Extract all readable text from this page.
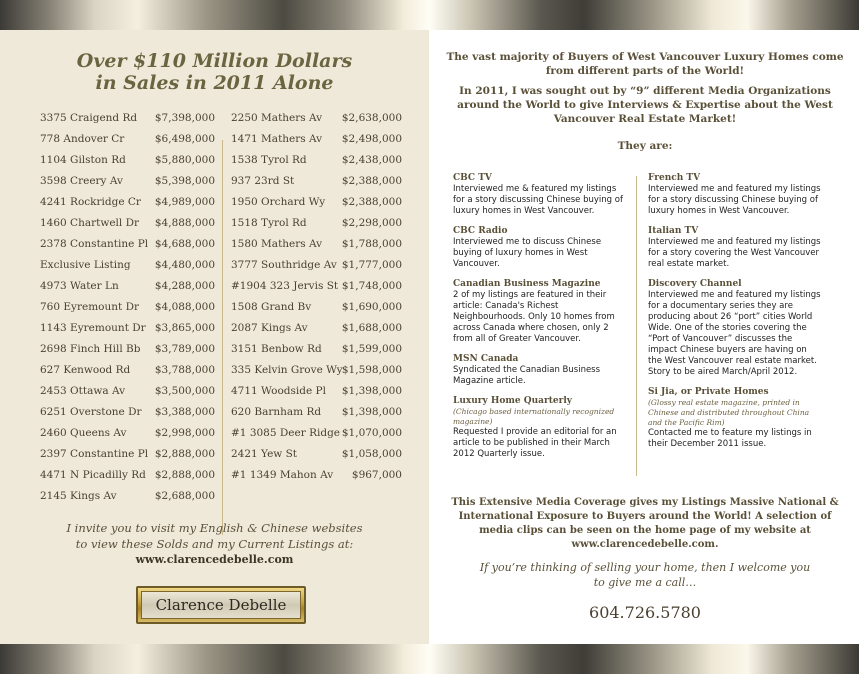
Over $110 Million Dollars
in Sales in 2011 Alone
3375 Craigend Rd $7,398,000
778 Andover Cr	$6,498,000
1104 Gilston Rd	$5,880,000
3598 Creery Av	$5,398,000
4241 Rockridge Cr $4,989,000
1460 Chartwell Dr $4,888,000
2378 Constantine Pl $4,688,000
Exclusive Listing $4,480,000
4973 Water Ln	$4,288,000
760 Eyremount Dr $4,088,000
1143 Eyremount Dr $3,865,000
2698 Finch Hill Bb $3,789,000
627 Kenwood Rd $3,788,000
2453 Ottawa Av	$3,500,000
6251 Overstone Dr $3,388,000
2460 Queens Av	$2,998,000
2397 Constantine Pl $2,888,000
4471 N Picadilly Rd $2,888,000
2145 Kings Av	$2,688,000
2250 Mathers Av $2,638,000
1471 Mathers Av $2,498,000
1538 Tyrol Rd	$2,438,000
937 23rd St	$2,388,000
1950 Orchard Wy $2,388,000
1518 Tyrol Rd	$2,298,000
1580 Mathers Av $1,788,000
3777 Southridge Av $1,777,000
#1904 323 Jervis St $1,748,000
1508 Grand Bv	$1,690,000
2087 Kings Av	$1,688,000
3151 Benbow Rd $1,599,000
335 Kelvin Grove Wy $1,598,000
4711 Woodside Pl $1,398,000
620 Barnham Rd $1,398,000
#1 3085 Deer Ridge $1,070,000
2421 Yew St	$1,058,000
#1 1349 Mahon Av $967,000
I invite you to visit my English & Chinese websites
to view these Solds and my Current Listings at:
www.clarencedebelle.com
Clarence Debelle

The vast majority of Buyers of West Vancouver Luxury Homes come from different parts of the World!

In 2011, I was sought out by “9” different Media Organizations around the World to give Interviews & Expertise about the West Vancouver Real Estate Market!

They are:
CBC TV
Interviewed me & featured my listings for a story discussing Chinese buying of luxury homes in West Vancouver.
CBC Radio
Interviewed me to discuss Chinese buying of luxury homes in West Vancouver.
Canadian Business Magazine
2 of my listings are featured in their article: Canada's Richest Neighbourhoods. Only 10 homes from across Canada where chosen, only 2 from all of Greater Vancouver.
MSN Canada
Syndicated the Canadian Business Magazine article.
Luxury Home Quarterly
(Chicago based internationally recognized magazine)
Requested I provide an editorial for an article to be published in their March 2012 Quarterly issue.
French TV
Interviewed me and featured my listings for a story discussing Chinese buying of luxury homes in West Vancouver.
Italian TV
Interviewed me and featured my listings for a story covering the West Vancouver real estate market.
Discovery Channel
Interviewed me and featured my listings for a documentary series they are producing about 26 “port” cities World Wide. One of the stories covering the “Port of Vancouver” discusses the impact Chinese buyers are having on the West Vancouver real estate market. Story to be aired March/April 2012.
Si Jia, or Private Homes
(Glossy real estate magazine, printed in Chinese and distributed throughout China and the Pacific Rim)
Contacted me to feature my listings in their December 2011 issue.
This Extensive Media Coverage gives my Listings Massive National & International Exposure to Buyers around the World! A selection of media clips can be seen on the home page of my website at www.clarencedebelle.com.
If you’re thinking of selling your home, then I welcome you
to give me a call…
604.726.5780
